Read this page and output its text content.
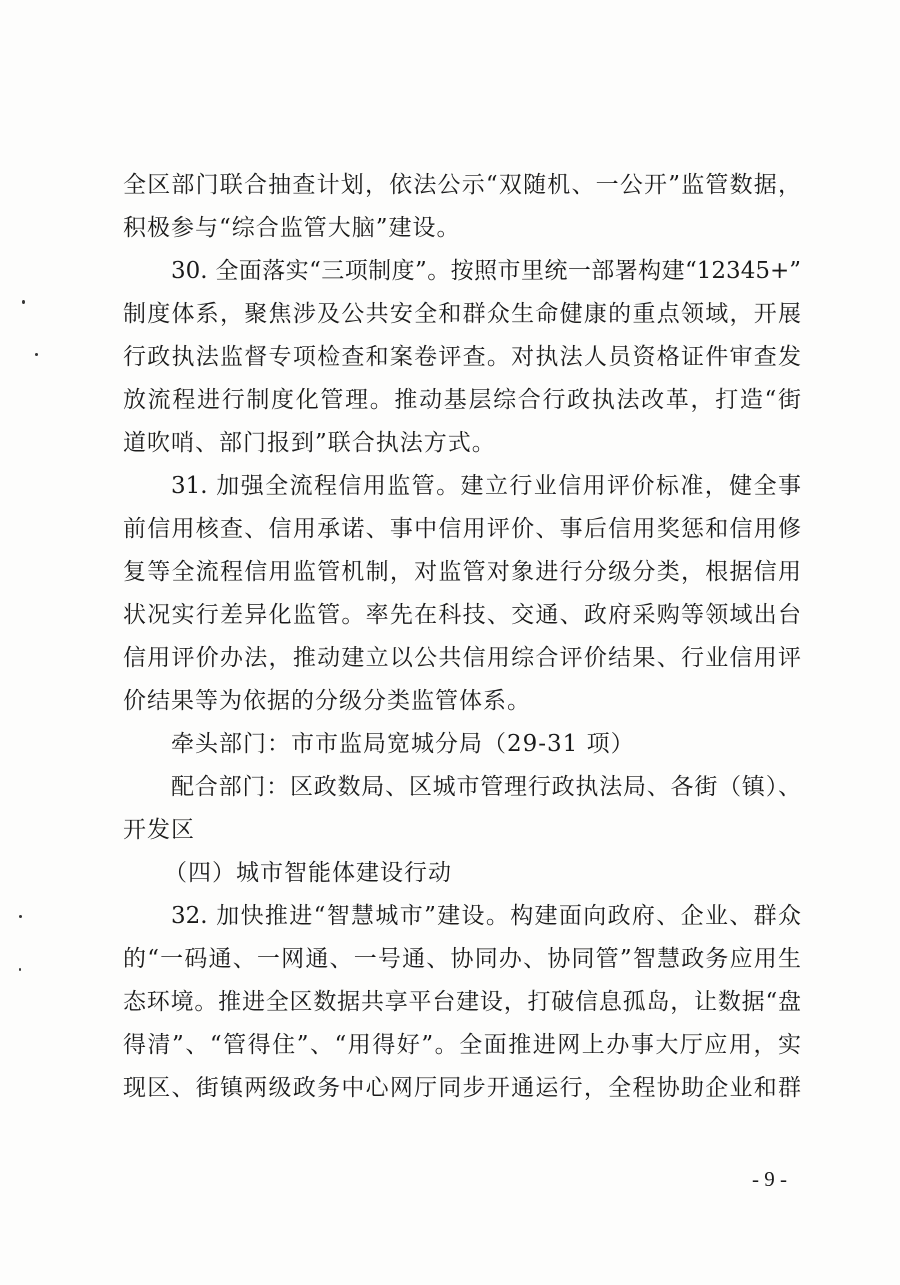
全区部门联合抽查计划，依法公示“双随机、一公开”监管数据，
积极参与“综合监管大脑”建设。
30. 全面落实“三项制度”。按照市里统一部署构建“12345+”
制度体系，聚焦涉及公共安全和群众生命健康的重点领域，开展
行政执法监督专项检查和案卷评查。对执法人员资格证件审查发
放流程进行制度化管理。推动基层综合行政执法改革，打造“街
道吹哨、部门报到”联合执法方式。
31. 加强全流程信用监管。建立行业信用评价标准，健全事
前信用核查、信用承诺、事中信用评价、事后信用奖惩和信用修
复等全流程信用监管机制，对监管对象进行分级分类，根据信用
状况实行差异化监管。率先在科技、交通、政府采购等领域出台
信用评价办法，推动建立以公共信用综合评价结果、行业信用评
价结果等为依据的分级分类监管体系。
牵头部门：市市监局宽城分局（29-31 项）
配合部门：区政数局、区城市管理行政执法局、各街（镇）、
开发区
（四）城市智能体建设行动
32. 加快推进“智慧城市”建设。构建面向政府、企业、群众
的“一码通、一网通、一号通、协同办、协同管”智慧政务应用生
态环境。推进全区数据共享平台建设，打破信息孤岛，让数据“盘
得清”、“管得住”、“用得好”。全面推进网上办事大厅应用，实
现区、街镇两级政务中心网厅同步开通运行，全程协助企业和群
- 9 -
